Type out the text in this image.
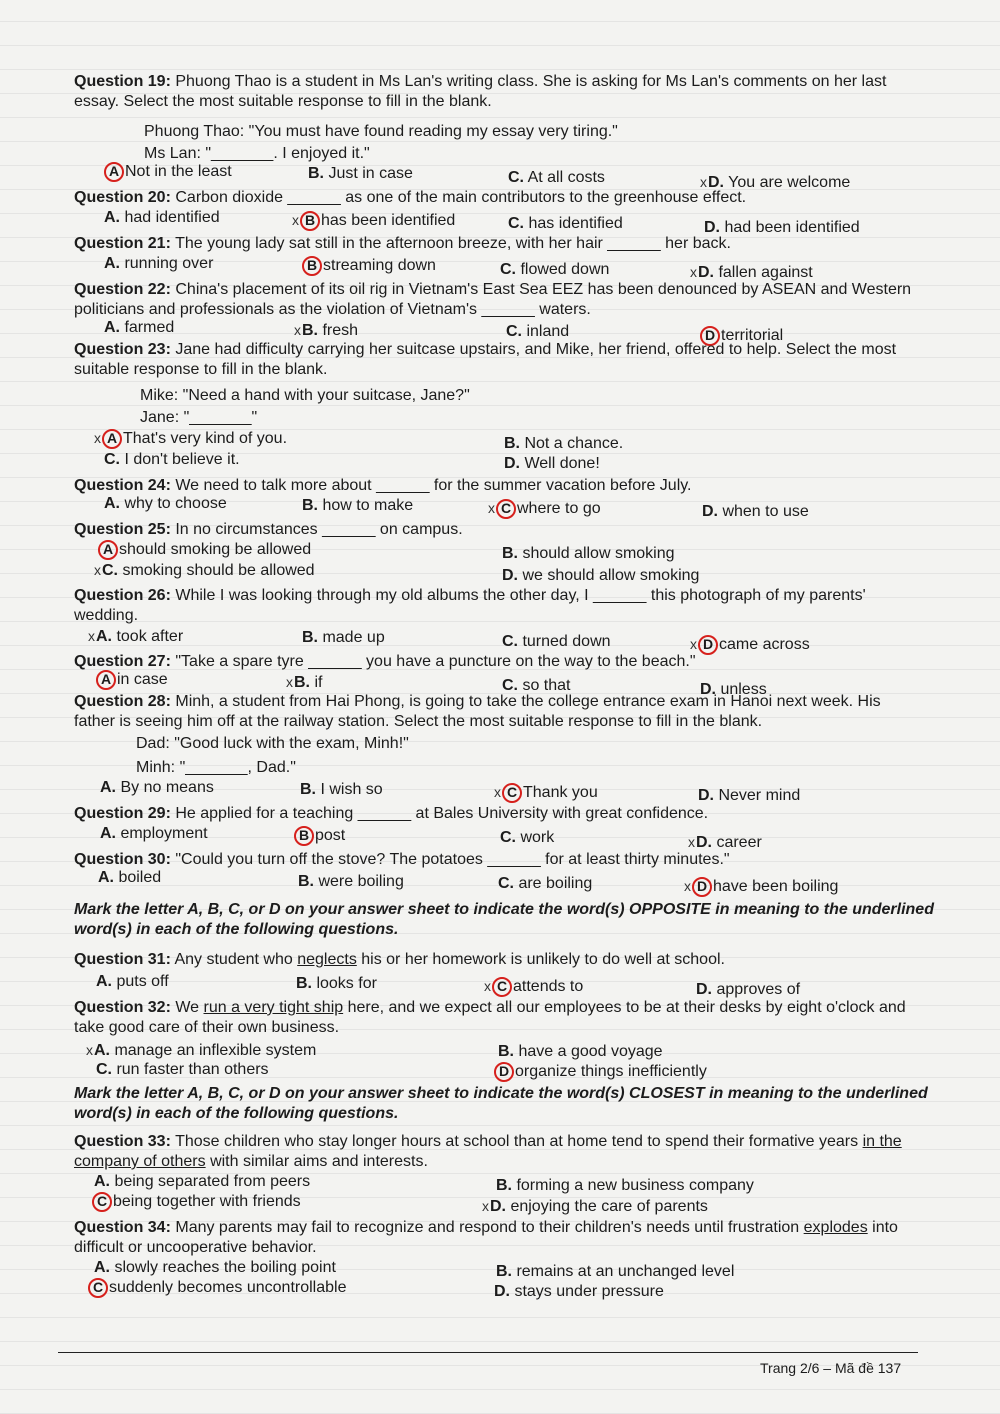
Question 19: Phuong Thao is a student in Ms Lan's writing class. She is asking for Ms Lan's comments on her last essay. Select the most suitable response to fill in the blank.
Phuong Thao: "You must have found reading my essay very tiring."
Ms Lan: "_______. I enjoyed it."
A Not in the least	B. Just in case	C. At all costs	xD. You are welcome
Question 20: Carbon dioxide ______ as one of the main contributors to the greenhouse effect.
A. had identified	x B has been identified	C. has identified	D. had been identified
Question 21: The young lady sat still in the afternoon breeze, with her hair ______ her back.
A. running over	B streaming down	C. flowed down	xD. fallen against
Question 22: China's placement of its oil rig in Vietnam's East Sea EEZ has been denounced by ASEAN and Western politicians and professionals as the violation of Vietnam's ______ waters.
A. farmed	xB. fresh	C. inland	D territorial
Question 23: Jane had difficulty carrying her suitcase upstairs, and Mike, her friend, offered to help. Select the most suitable response to fill in the blank.
Mike: "Need a hand with your suitcase, Jane?"
Jane: "_______"
x A That's very kind of you.	B. Not a chance.
C. I don't believe it.	D. Well done!
Question 24: We need to talk more about ______ for the summer vacation before July.
A. why to choose	B. how to make	x C where to go	D. when to use
Question 25: In no circumstances ______ on campus.
A should smoking be allowed	B. should allow smoking
xC. smoking should be allowed	D. we should allow smoking
Question 26: While I was looking through my old albums the other day, I ______ this photograph of my parents' wedding.
xA. took after	B. made up	C. turned down	x D came across
Question 27: "Take a spare tyre ______ you have a puncture on the way to the beach."
A in case	xB. if	C. so that	D. unless
Question 28: Minh, a student from Hai Phong, is going to take the college entrance exam in Hanoi next week. His father is seeing him off at the railway station. Select the most suitable response to fill in the blank.
Dad: "Good luck with the exam, Minh!"
Minh: "_______, Dad."
A. By no means	B. I wish so	x C Thank you	D. Never mind
Question 29: He applied for a teaching ______ at Bales University with great confidence.
A. employment	B post	C. work	xD. career
Question 30: "Could you turn off the stove? The potatoes ______ for at least thirty minutes."
A. boiled	B. were boiling	C. are boiling	x D have been boiling
Mark the letter A, B, C, or D on your answer sheet to indicate the word(s) OPPOSITE in meaning to the underlined word(s) in each of the following questions.
Question 31: Any student who neglects his or her homework is unlikely to do well at school.
A. puts off	B. looks for	x C attends to	D. approves of
Question 32: We run a very tight ship here, and we expect all our employees to be at their desks by eight o'clock and take good care of their own business.
xA. manage an inflexible system	B. have a good voyage
C. run faster than others	D organize things inefficiently
Mark the letter A, B, C, or D on your answer sheet to indicate the word(s) CLOSEST in meaning to the underlined word(s) in each of the following questions.
Question 33: Those children who stay longer hours at school than at home tend to spend their formative years in the company of others with similar aims and interests.
A. being separated from peers	B. forming a new business company
C being together with friends	xD. enjoying the care of parents
Question 34: Many parents may fail to recognize and respond to their children's needs until frustration explodes into difficult or uncooperative behavior.
A. slowly reaches the boiling point	B. remains at an unchanged level
C suddenly becomes uncontrollable	D. stays under pressure
Trang 2/6 – Mã đề 137
